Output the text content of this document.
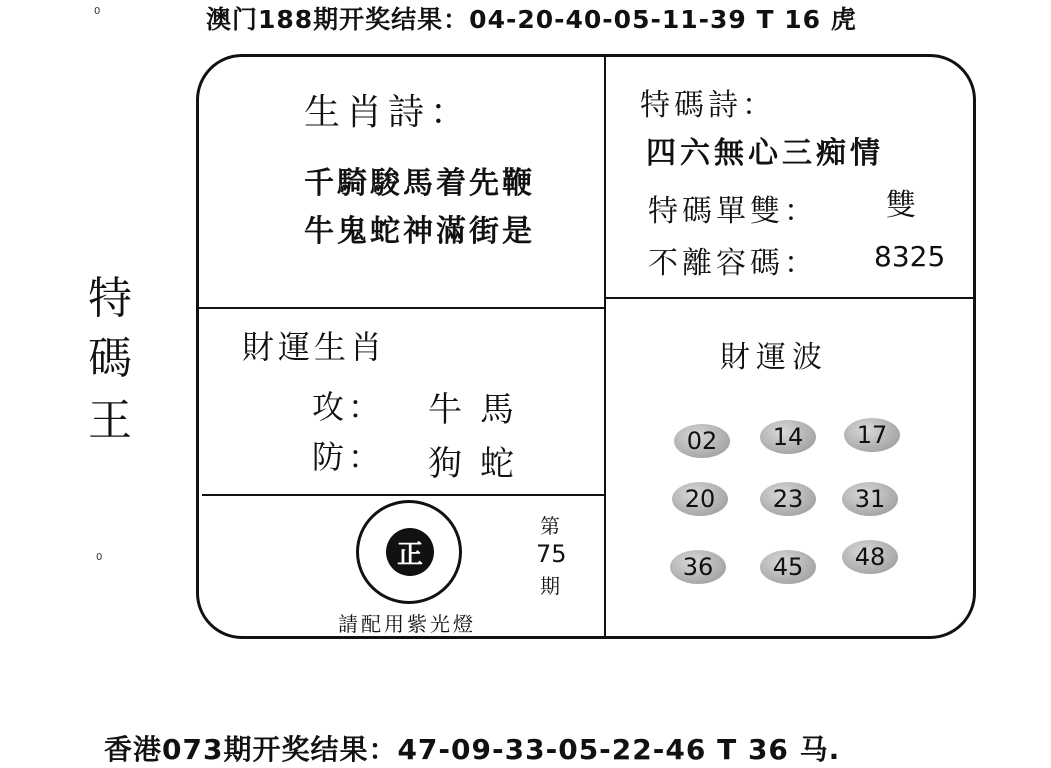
0	澳门188期开奖结果：04-20-40-05-11-39 T 16 虎
特
碼
王
0
生肖詩：
千騎駿馬着先鞭
牛鬼蛇神滿街是
特碼詩：
四六無心三痴情
特碼單雙： 雙
不離容碼： 8325
財運生肖
攻： 牛馬
防： 狗蛇
財運波
02	14	17
20	23	31
36	45	48
正
請配用紫光燈
第
75
期
香港073期开奖结果：47-09-33-05-22-46 T 36 马.
